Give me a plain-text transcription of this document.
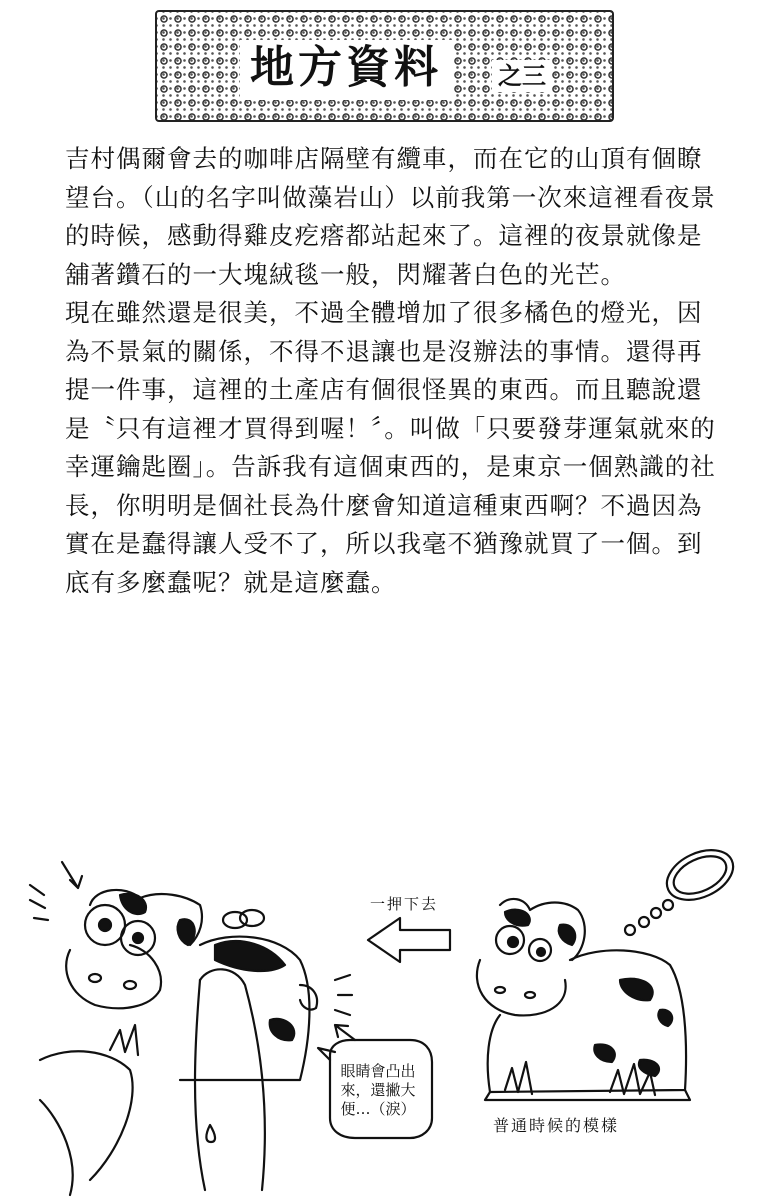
地方資料	之三

吉村偶爾會去的咖啡店隔壁有纜車，而在它的山頂有個瞭望台。（山的名字叫做藻岩山）以前我第一次來這裡看夜景的時候，感動得雞皮疙瘩都站起來了。這裡的夜景就像是舖著鑽石的一大塊絨毯一般，閃耀著白色的光芒。

現在雖然還是很美，不過全體增加了很多橘色的燈光，因為不景氣的關係，不得不退讓也是沒辦法的事情。還得再提一件事，這裡的土產店有個很怪異的東西。而且聽說還是〝只有這裡才買得到喔！〞。叫做「只要發芽運氣就來的幸運鑰匙圈」。告訴我有這個東西的，是東京一個熟識的社長，你明明是個社長為什麼會知道這種東西啊？不過因為實在是蠢得讓人受不了，所以我毫不猶豫就買了一個。到底有多麼蠢呢？就是這麼蠢。

一押下去
眼睛會凸出來，還撇大便…（淚）
普通時候的模樣
